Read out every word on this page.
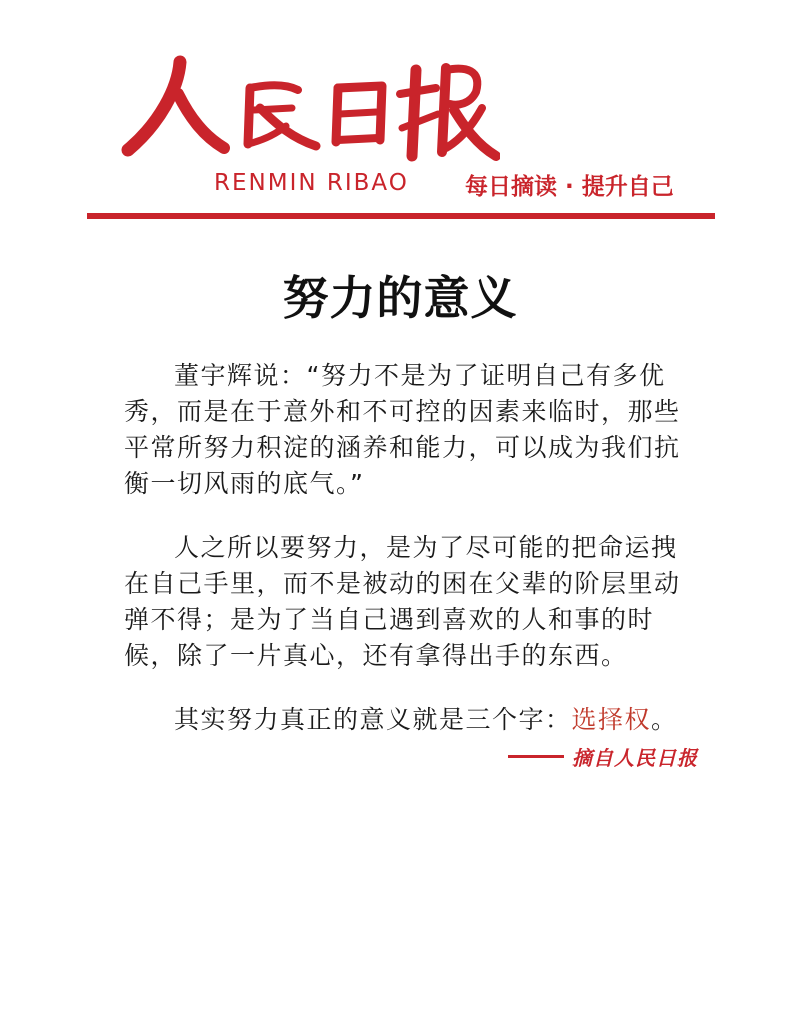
RENMIN RIBAO 每日摘读 · 提升自己
努力的意义

董宇辉说：“努力不是为了证明自己有多优秀，而是在于意外和不可控的因素来临时，那些平常所努力积淀的涵养和能力，可以成为我们抗衡一切风雨的底气。”

人之所以要努力，是为了尽可能的把命运拽在自己手里，而不是被动的困在父辈的阶层里动弹不得；是为了当自己遇到喜欢的人和事的时候，除了一片真心，还有拿得出手的东西。

其实努力真正的意义就是三个字：选择权。

摘自人民日报
